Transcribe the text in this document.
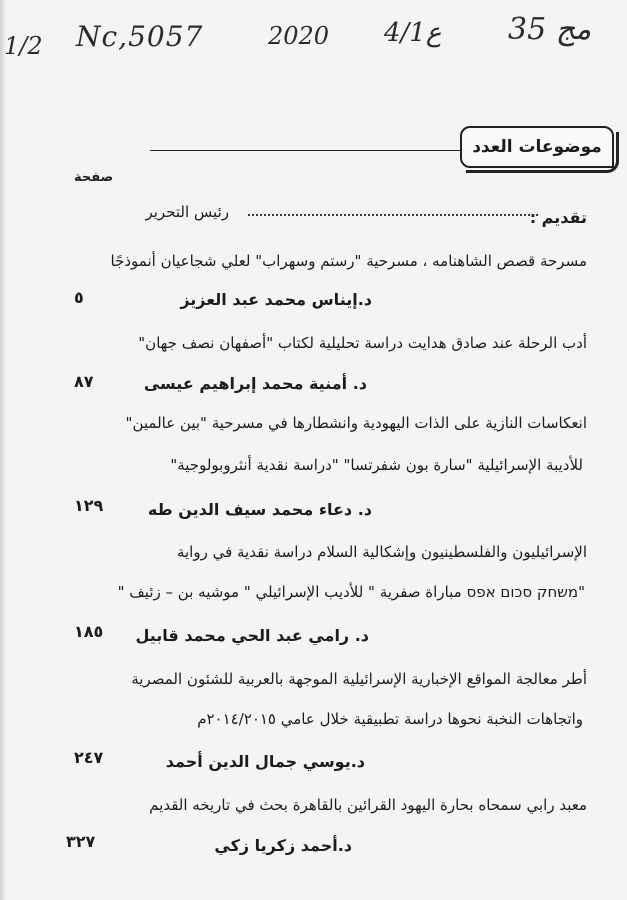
1/2 Nc,5057	2020 4/1ع 35 مج
موضوعات العدد
صفحة
تقديم :
رئيس التحرير
مسرحة قصص الشاهنامه ، مسرحية "رستم وسهراب" لعلي شجاعيان أنموذجًا
د.إيناس محمد عبد العزيز
٥
أدب الرحلة عند صادق هدايت دراسة تحليلية لكتاب "أصفهان نصف جهان"
د. أمنية محمد إبراهيم عيسى
٨٧
انعكاسات النازية على الذات اليهودية وانشطارها في مسرحية "بين عالمين"
للأديبة الإسرائيلية "سارة بون شفرتسا" "دراسة نقدية أنثروبولوجية"
د. دعاء محمد سيف الدين طه
١٢٩
الإسرائيليون والفلسطينيون وإشكالية السلام دراسة نقدية في رواية
"משחק סכום אפס مباراة صفرية " للأديب الإسرائيلي " موشيه بن – زئيف "
د. رامي عبد الحي محمد قابيل
١٨٥
أطر معالجة المواقع الإخبارية الإسرائيلية الموجهة بالعربية للشئون المصرية
واتجاهات النخبة نحوها دراسة تطبيقية خلال عامي ٢٠١٤/٢٠١٥م
د.يوسي جمال الدين أحمد
٢٤٧
معبد رابي سمحاه بحارة اليهود القرائين بالقاهرة بحث في تاريخه القديم
د.أحمد زكريا زكي
٣٢٧
